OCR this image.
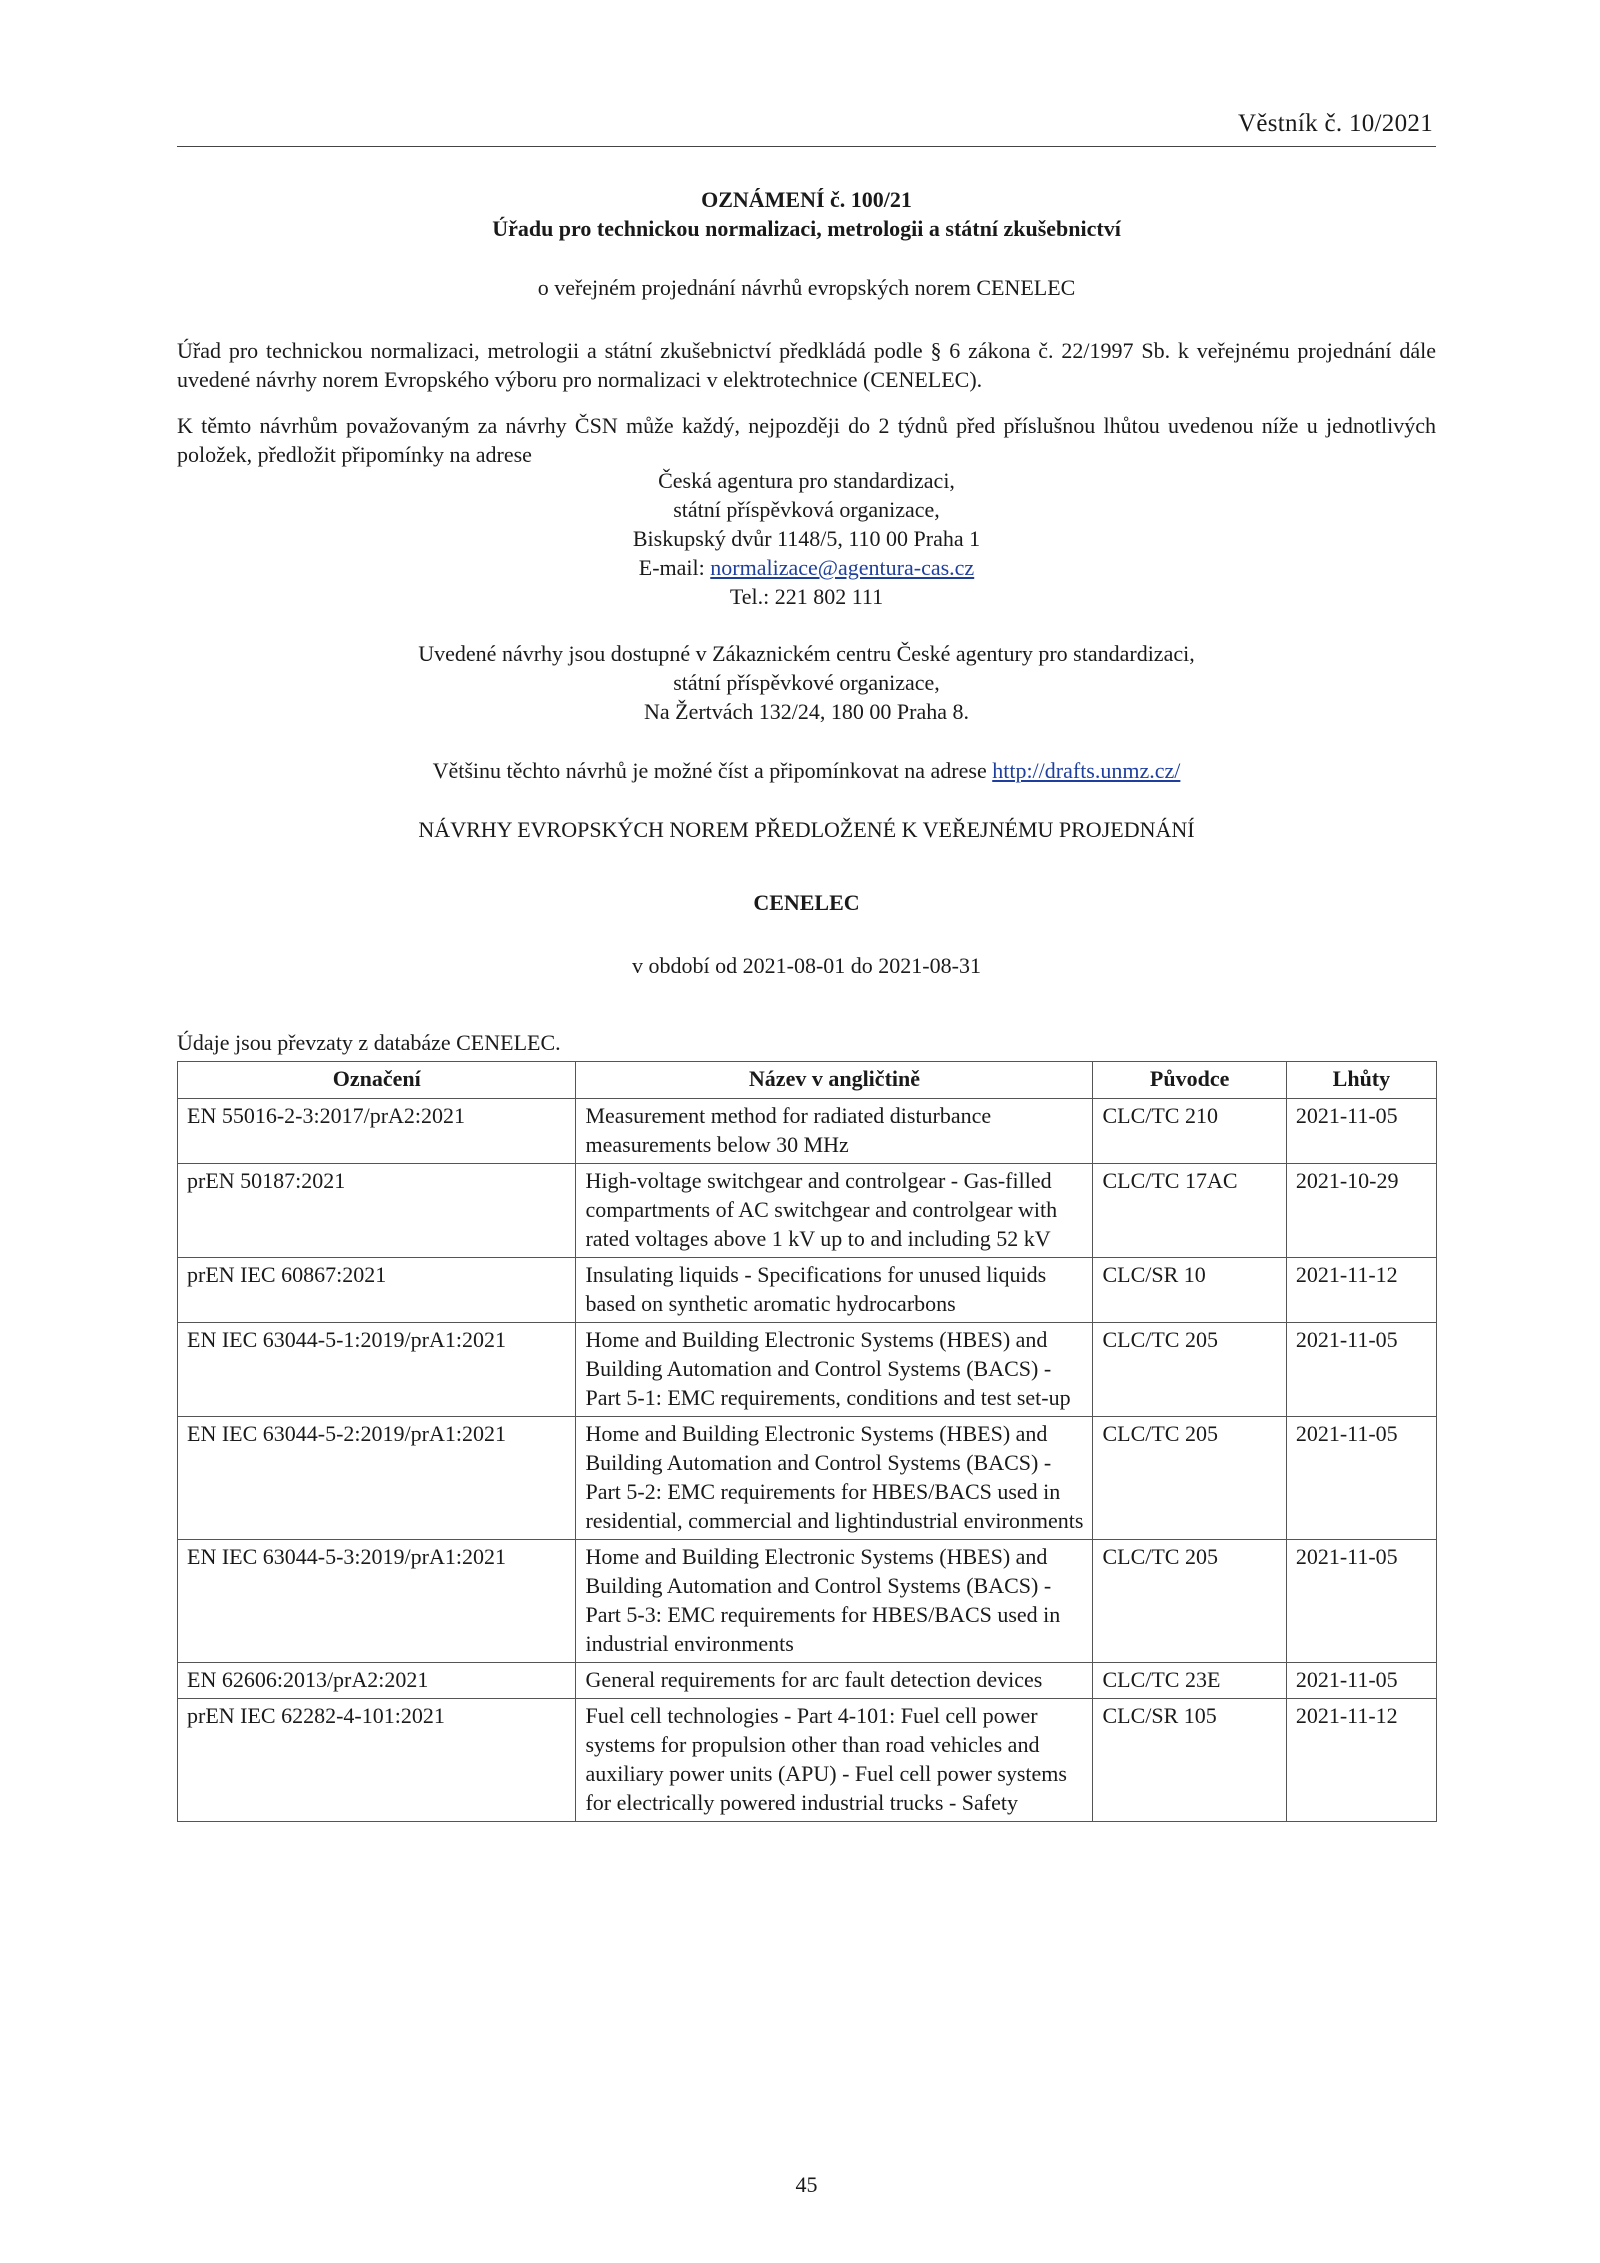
Věstník č. 10/2021
OZNÁMENÍ č. 100/21
Úřadu pro technickou normalizaci, metrologii a státní zkušebnictví
o veřejném projednání návrhů evropských norem CENELEC
Úřad pro technickou normalizaci, metrologii a státní zkušebnictví předkládá podle § 6 zákona č. 22/1997 Sb. k veřejnému projednání dále uvedené návrhy norem Evropského výboru pro normalizaci v elektrotechnice (CENELEC).
K těmto návrhům považovaným za návrhy ČSN může každý, nejpozději do 2 týdnů před příslušnou lhůtou uvedenou níže u jednotlivých položek, předložit připomínky na adrese
Česká agentura pro standardizaci,
státní příspěvková organizace,
Biskupský dvůr 1148/5, 110 00 Praha 1
E-mail: normalizace@agentura-cas.cz
Tel.: 221 802 111
Uvedené návrhy jsou dostupné v Zákaznickém centru České agentury pro standardizaci,
státní příspěvkové organizace,
Na Žertvách 132/24, 180 00 Praha 8.
Většinu těchto návrhů je možné číst a připomínkovat na adrese http://drafts.unmz.cz/
NÁVRHY EVROPSKÝCH NOREM PŘEDLOŽENÉ K VEŘEJNÉMU PROJEDNÁNÍ
CENELEC
v období od 2021-08-01 do 2021-08-31
Údaje jsou převzaty z databáze CENELEC.
Označení	Název v angličtině	Původce	Lhůty
EN 55016-2-3:2017/prA2:2021	Measurement method for radiated disturbance measurements below 30 MHz	CLC/TC 210	2021-11-05
prEN 50187:2021	High-voltage switchgear and controlgear - Gas-filled compartments of AC switchgear and controlgear with rated voltages above 1 kV up to and including 52 kV	CLC/TC 17AC	2021-10-29
prEN IEC 60867:2021	Insulating liquids - Specifications for unused liquids based on synthetic aromatic hydrocarbons	CLC/SR 10	2021-11-12
EN IEC 63044-5-1:2019/prA1:2021	Home and Building Electronic Systems (HBES) and Building Automation and Control Systems (BACS) - Part 5-1: EMC requirements, conditions and test set-up	CLC/TC 205	2021-11-05
EN IEC 63044-5-2:2019/prA1:2021	Home and Building Electronic Systems (HBES) and Building Automation and Control Systems (BACS) - Part 5-2: EMC requirements for HBES/BACS used in residential, commercial and lightindustrial environments	CLC/TC 205	2021-11-05
EN IEC 63044-5-3:2019/prA1:2021	Home and Building Electronic Systems (HBES) and Building Automation and Control Systems (BACS) - Part 5-3: EMC requirements for HBES/BACS used in industrial environments	CLC/TC 205	2021-11-05
EN 62606:2013/prA2:2021	General requirements for arc fault detection devices	CLC/TC 23E	2021-11-05
prEN IEC 62282-4-101:2021	Fuel cell technologies - Part 4-101: Fuel cell power systems for propulsion other than road vehicles and auxiliary power units (APU) - Fuel cell power systems for electrically powered industrial trucks - Safety	CLC/SR 105	2021-11-12
45
